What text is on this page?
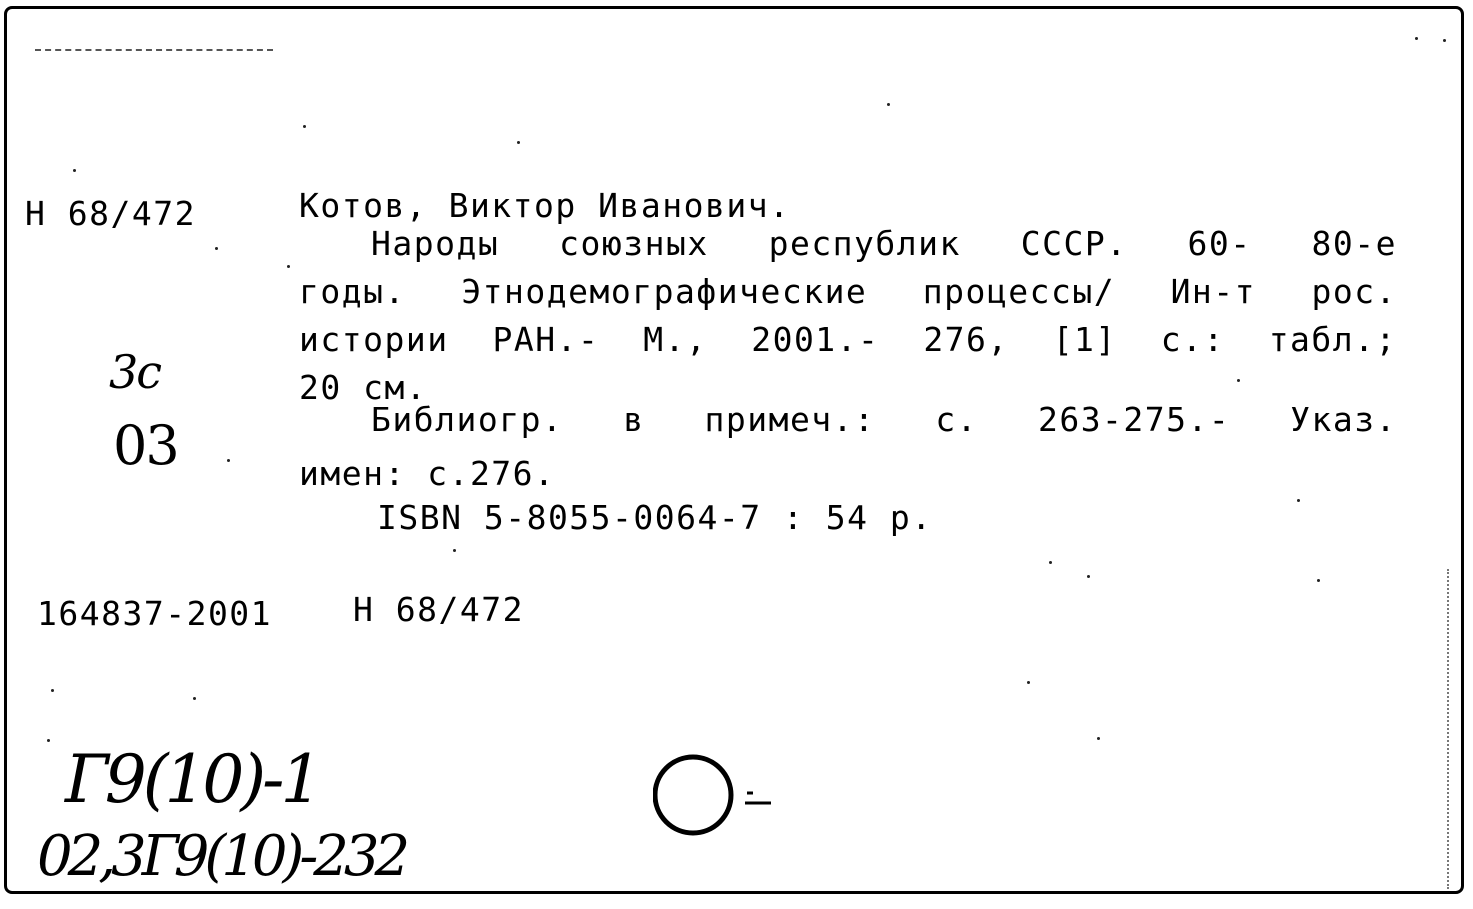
Н 68/472	Котов, Виктор Иванович.
Народы союзных республик СССР. 60- 80-е
годы. Этнодемографические процессы/ Ин-т рос.
истории РАН.- М., 2001.- 276, [1] с.: табл.;
20 см.
Библиогр. в примеч.: с. 263-275.- Указ.
имен: с.276.
ISBN 5-8055-0064-7 : 54 р.
164837-2001 Н 68/472
3с
03
Г9(10)-1
02,3Г9(10)-232
